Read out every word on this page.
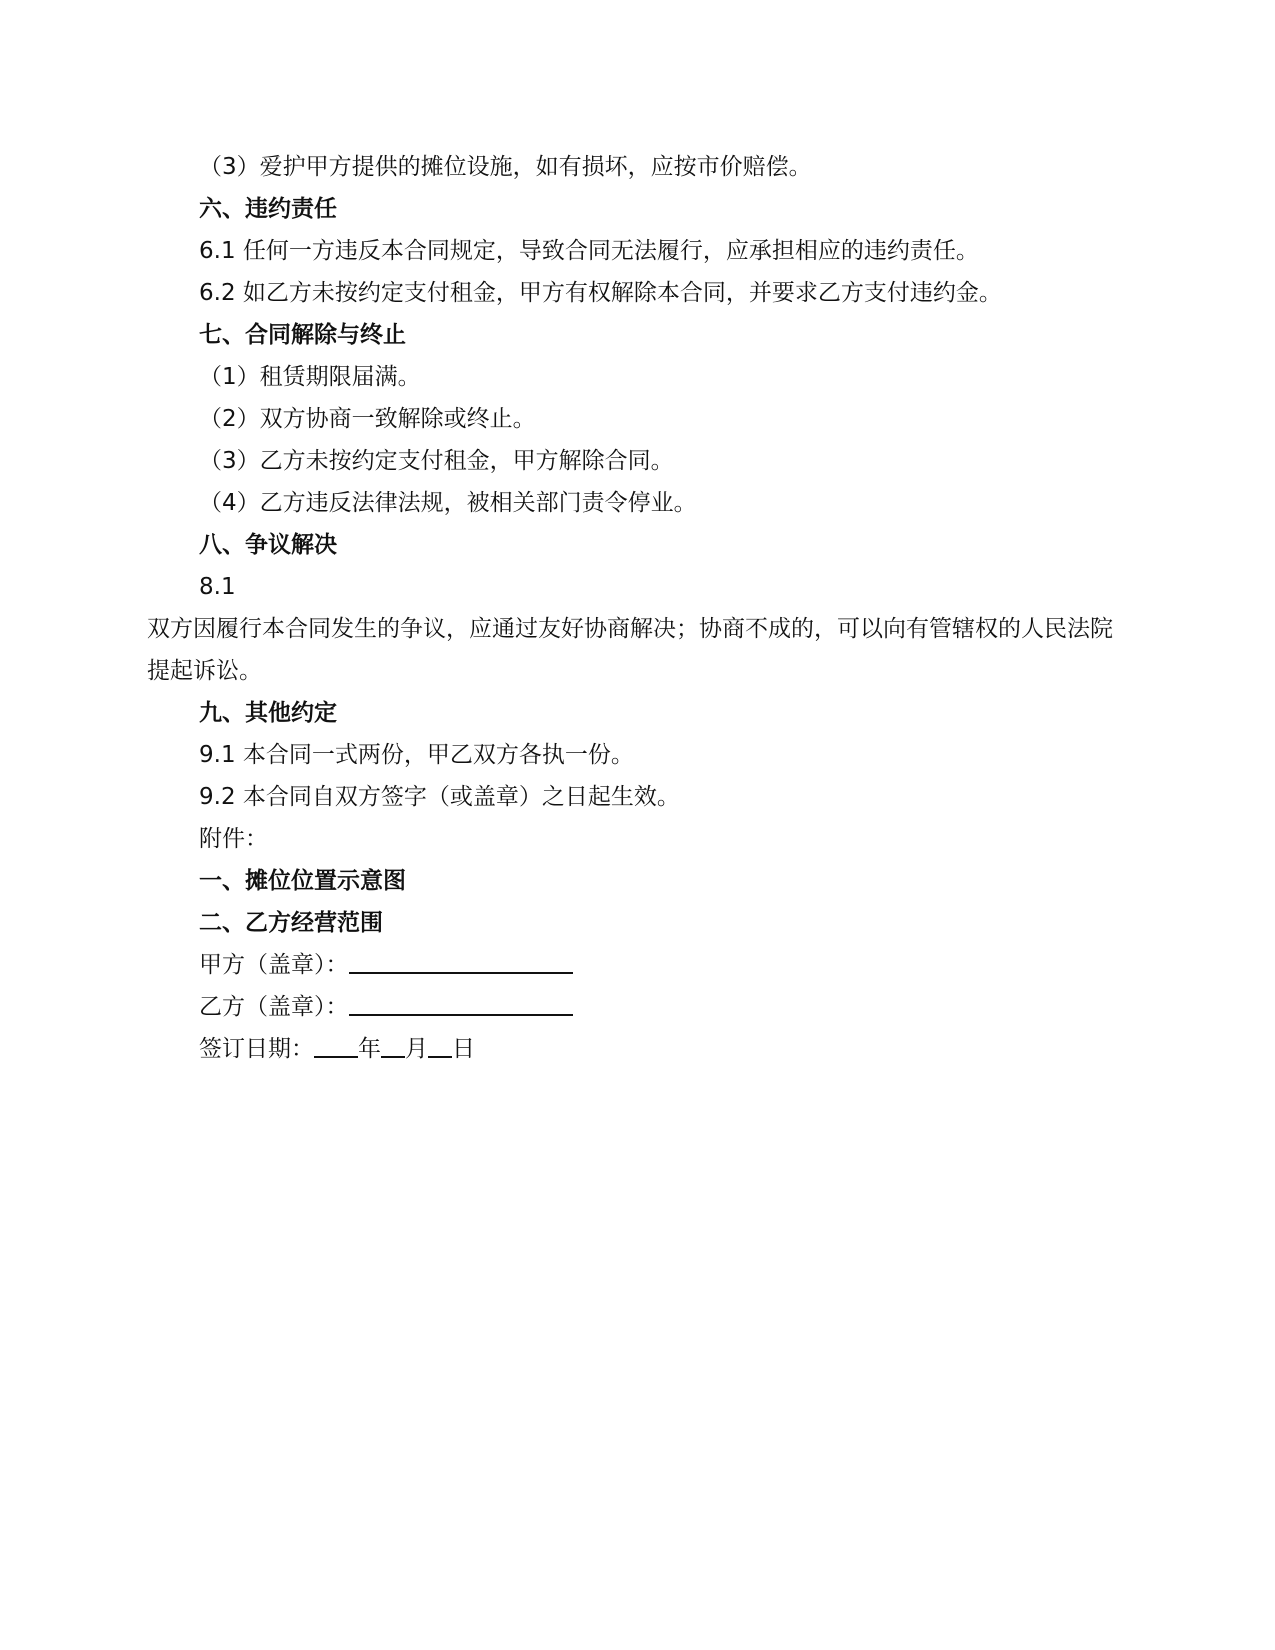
（3）爱护甲方提供的摊位设施，如有损坏，应按市价赔偿。
六、违约责任
6.1 任何一方违反本合同规定，导致合同无法履行，应承担相应的违约责任。
6.2 如乙方未按约定支付租金，甲方有权解除本合同，并要求乙方支付违约金。
七、合同解除与终止
（1）租赁期限届满。
（2）双方协商一致解除或终止。
（3）乙方未按约定支付租金，甲方解除合同。
（4）乙方违反法律法规，被相关部门责令停业。
八、争议解决
8.1
双方因履行本合同发生的争议，应通过友好协商解决；协商不成的，可以向有管辖权的人民法院提起诉讼。
九、其他约定
9.1 本合同一式两份，甲乙双方各执一份。
9.2 本合同自双方签字（或盖章）之日起生效。
附件：
一、摊位位置示意图
二、乙方经营范围
甲方（盖章）：
乙方（盖章）：
签订日期： 年 月 日
